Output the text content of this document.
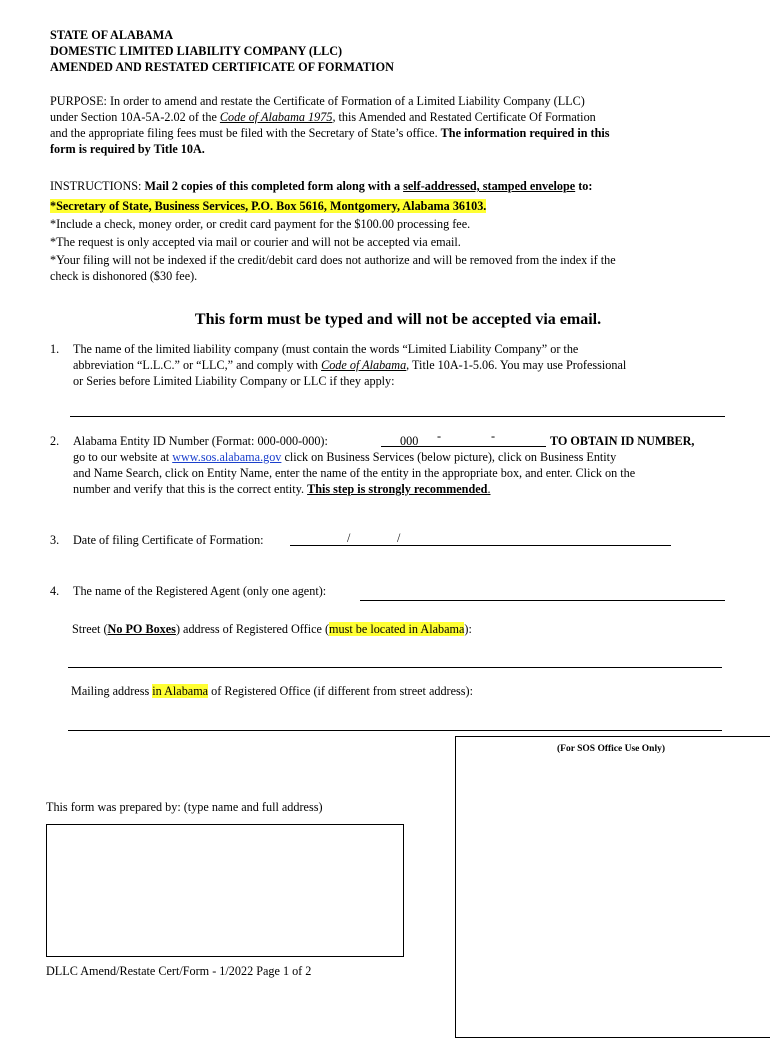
STATE OF ALABAMA

DOMESTIC LIMITED LIABILITY COMPANY (LLC)

AMENDED AND RESTATED CERTIFICATE OF FORMATION

PURPOSE: In order to amend and restate the Certificate of Formation of a Limited Liability Company (LLC)

under Section 10A-5A-2.02 of the Code of Alabama 1975, this Amended and Restated Certificate Of Formation

and the appropriate filing fees must be filed with the Secretary of State’s office. The information required in this

form is required by Title 10A.

INSTRUCTIONS: Mail 2 copies of this completed form along with a self-addressed, stamped envelope to:

*Secretary of State, Business Services, P.O. Box 5616, Montgomery, Alabama 36103.

*Include a check, money order, or credit card payment for the $100.00 processing fee.

*The request is only accepted via mail or courier and will not be accepted via email.

*Your filing will not be indexed if the credit/debit card does not authorize and will be removed from the index if the

check is dishonored ($30 fee).

This form must be typed and will not be accepted via email.
1. The name of the limited liability company (must contain the words “Limited Liability Company” or the

abbreviation “L.L.C.” or “LLC,” and comply with Code of Alabama, Title 10A-1-5.06. You may use Professional

or Series before Limited Liability Company or LLC if they apply:

2. Alabama Entity ID Number (Format: 000-000-000):	000 -	-	TO OBTAIN ID NUMBER,

go to our website at www.sos.alabama.gov click on Business Services (below picture), click on Business Entity

and Name Search, click on Entity Name, enter the name of the entity in the appropriate box, and enter. Click on the

number and verify that this is the correct entity. This step is strongly recommended.

3. Date of filing Certificate of Formation:	/	/
4. The name of the Registered Agent (only one agent):
Street (No PO Boxes) address of Registered Office (must be located in Alabama):
Mailing address in Alabama of Registered Office (if different from street address):
(For SOS Office Use Only)
This form was prepared by: (type name and full address)
DLLC Amend/Restate Cert/Form - 1/2022 Page 1 of 2
